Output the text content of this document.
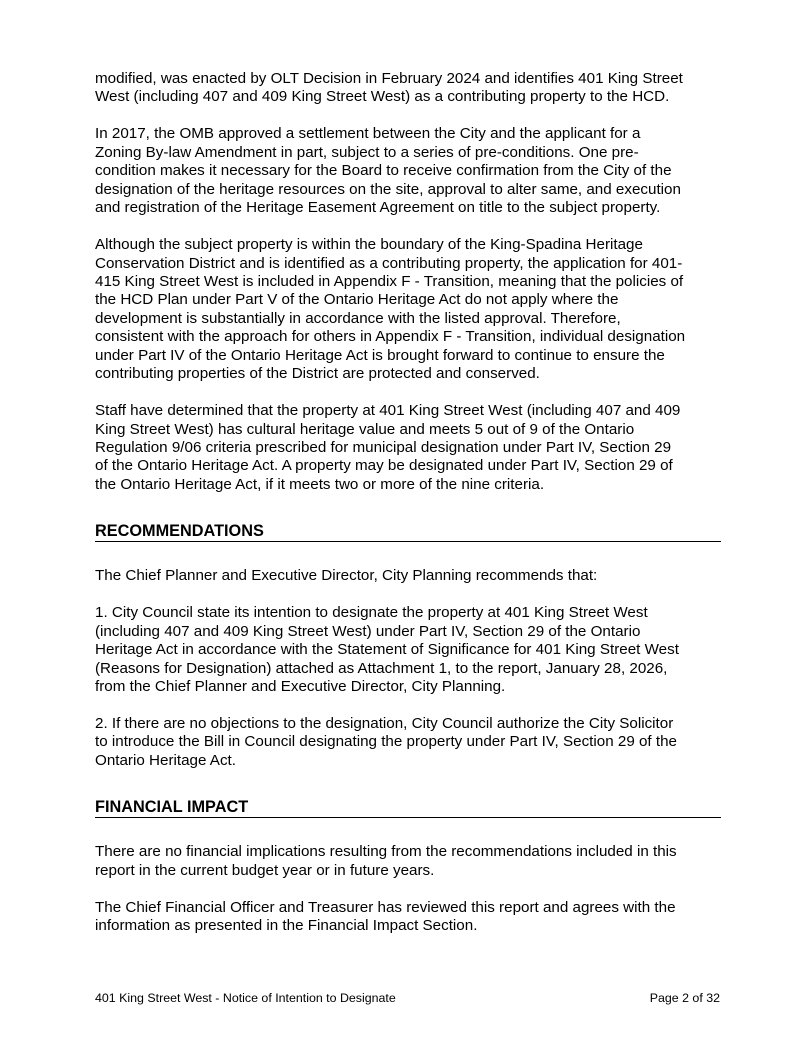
modified, was enacted by OLT Decision in February 2024 and identifies 401 King Street
West (including 407 and 409 King Street West) as a contributing property to the HCD.

In 2017, the OMB approved a settlement between the City and the applicant for a
Zoning By-law Amendment in part, subject to a series of pre-conditions. One pre-
condition makes it necessary for the Board to receive confirmation from the City of the
designation of the heritage resources on the site, approval to alter same, and execution
and registration of the Heritage Easement Agreement on title to the subject property.

Although the subject property is within the boundary of the King-Spadina Heritage
Conservation District and is identified as a contributing property, the application for 401-
415 King Street West is included in Appendix F - Transition, meaning that the policies of
the HCD Plan under Part V of the Ontario Heritage Act do not apply where the
development is substantially in accordance with the listed approval. Therefore,
consistent with the approach for others in Appendix F - Transition, individual designation
under Part IV of the Ontario Heritage Act is brought forward to continue to ensure the
contributing properties of the District are protected and conserved.

Staff have determined that the property at 401 King Street West (including 407 and 409
King Street West) has cultural heritage value and meets 5 out of 9 of the Ontario
Regulation 9/06 criteria prescribed for municipal designation under Part IV, Section 29
of the Ontario Heritage Act. A property may be designated under Part IV, Section 29 of
the Ontario Heritage Act, if it meets two or more of the nine criteria.

RECOMMENDATIONS

The Chief Planner and Executive Director, City Planning recommends that:

1. City Council state its intention to designate the property at 401 King Street West
(including 407 and 409 King Street West) under Part IV, Section 29 of the Ontario
Heritage Act in accordance with the Statement of Significance for 401 King Street West
(Reasons for Designation) attached as Attachment 1, to the report, January 28, 2026,
from the Chief Planner and Executive Director, City Planning.

2. If there are no objections to the designation, City Council authorize the City Solicitor
to introduce the Bill in Council designating the property under Part IV, Section 29 of the
Ontario Heritage Act.

FINANCIAL IMPACT

There are no financial implications resulting from the recommendations included in this
report in the current budget year or in future years.

The Chief Financial Officer and Treasurer has reviewed this report and agrees with the
information as presented in the Financial Impact Section.

401 King Street West - Notice of Intention to Designate	Page 2 of 32
